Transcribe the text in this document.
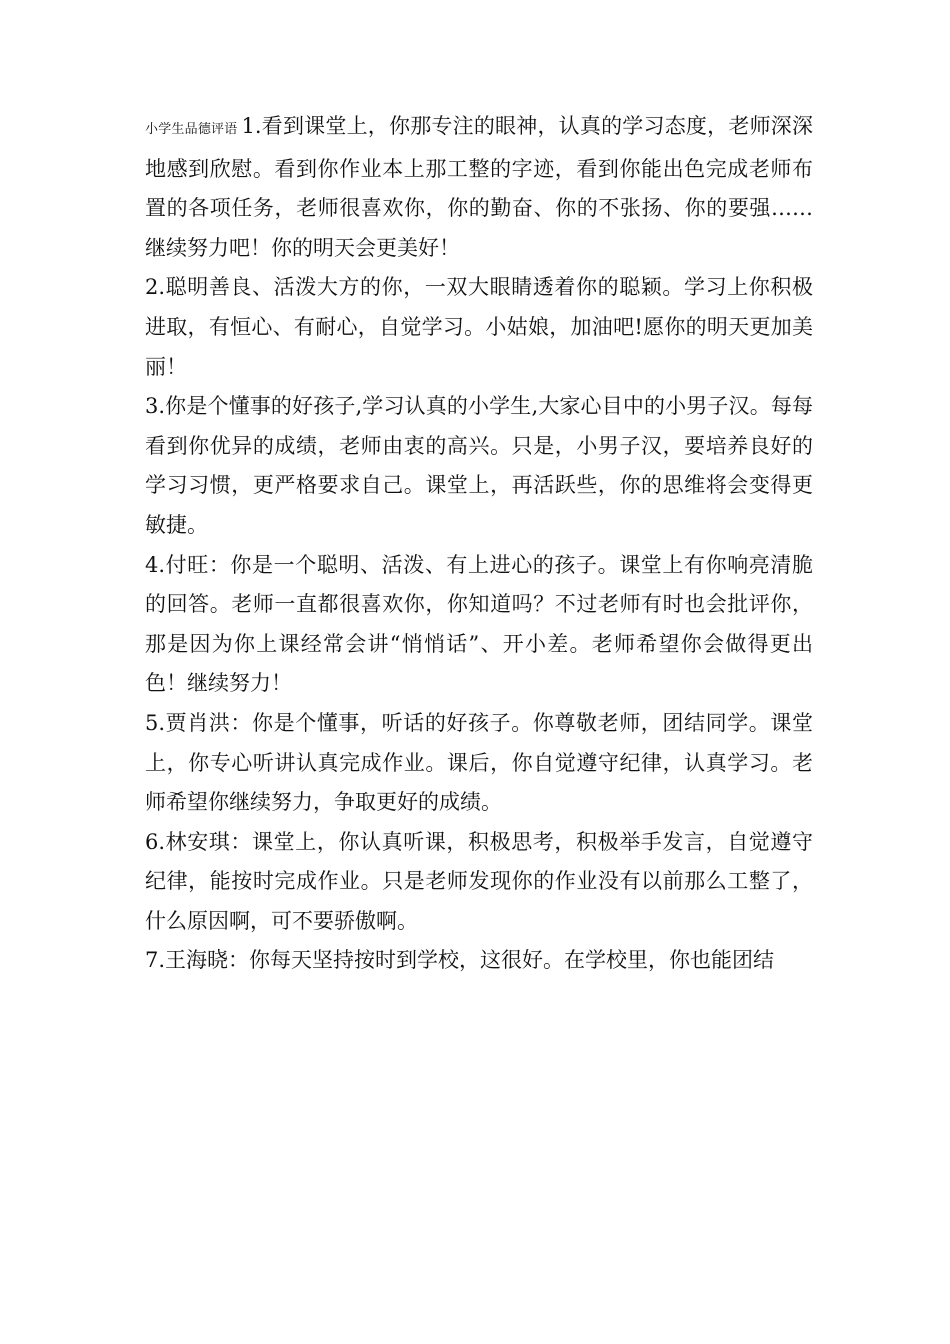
小学生品德评语 1.看到课堂上，你那专注的眼神，认真的学习态度，老师深深地感到欣慰。看到你作业本上那工整的字迹，看到你能出色完成老师布置的各项任务，老师很喜欢你，你的勤奋、你的不张扬、你的要强……继续努力吧！你的明天会更美好！

2.聪明善良、活泼大方的你，一双大眼睛透着你的聪颖。学习上你积极进取，有恒心、有耐心，自觉学习。小姑娘，加油吧!愿你的明天更加美丽！

3.你是个懂事的好孩子,学习认真的小学生,大家心目中的小男子汉。每每看到你优异的成绩，老师由衷的高兴。只是，小男子汉，要培养良好的学习习惯，更严格要求自己。课堂上，再活跃些，你的思维将会变得更敏捷。

4.付旺：你是一个聪明、活泼、有上进心的孩子。课堂上有你响亮清脆的回答。老师一直都很喜欢你，你知道吗？不过老师有时也会批评你，那是因为你上课经常会讲“悄悄话”、开小差。老师希望你会做得更出色！继续努力！

5.贾肖洪：你是个懂事，听话的好孩子。你尊敬老师，团结同学。课堂上，你专心听讲认真完成作业。课后，你自觉遵守纪律，认真学习。老师希望你继续努力，争取更好的成绩。

6.林安琪：课堂上，你认真听课，积极思考，积极举手发言，自觉遵守纪律，能按时完成作业。只是老师发现你的作业没有以前那么工整了，什么原因啊，可不要骄傲啊。

7.王海晓：你每天坚持按时到学校，这很好。在学校里，你也能团结
